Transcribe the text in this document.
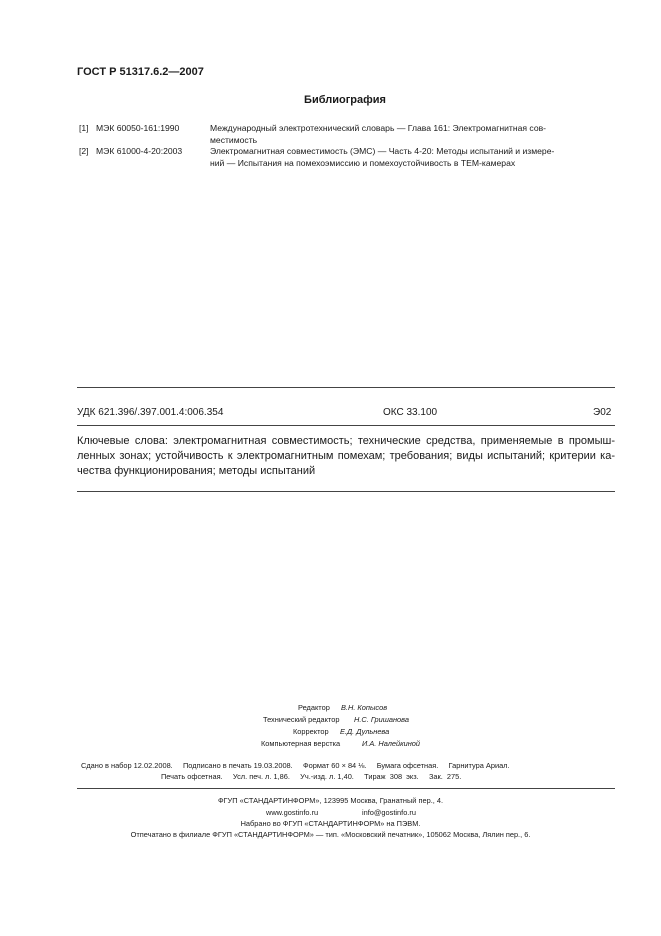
ГОСТ Р 51317.6.2—2007
Библиография
[1] МЭК 60050-161:1990	Международный электротехнический словарь — Глава 161: Электромагнитная сов-
местимость
[2] МЭК 61000-4-20:2003	Электромагнитная совместимость (ЭМС) — Часть 4-20: Методы испытаний и измере-
ний — Испытания на помехоэмиссию и помехоустойчивость в ТЕМ-камерах
УДК 621.396/.397.001.4:006.354	ОКС 33.100	Э02
Ключевые слова: электромагнитная совместимость; технические средства, применяемые в промыш-
ленных зонах; устойчивость к электромагнитным помехам; требования; виды испытаний; критерии ка-
чества функционирования; методы испытаний
Редактор В.Н. Копысов
Технический редактор Н.С. Гришанова
Корректор Е.Д. Дульнева
Компьютерная верстка	И.А. Налейкиной
Сдано в набор 12.02.2008.     Подписано в печать 19.03.2008.     Формат 60 × 84 ⅛.     Бумага офсетная.     Гарнитура Ариал.
Печать офсетная.     Усл. печ. л. 1,86.     Уч.-изд. л. 1,40.     Тираж  308  экз.     Зак.  275.
ФГУП «СТАНДАРТИНФОРМ», 123995 Москва, Гранатный пер., 4.
www.gostinfo.ru	info@gostinfo.ru
Набрано во ФГУП «СТАНДАРТИНФОРМ» на ПЭВМ.
Отпечатано в филиале ФГУП «СТАНДАРТИНФОРМ» — тип. «Московский печатник», 105062 Москва, Лялин пер., 6.
